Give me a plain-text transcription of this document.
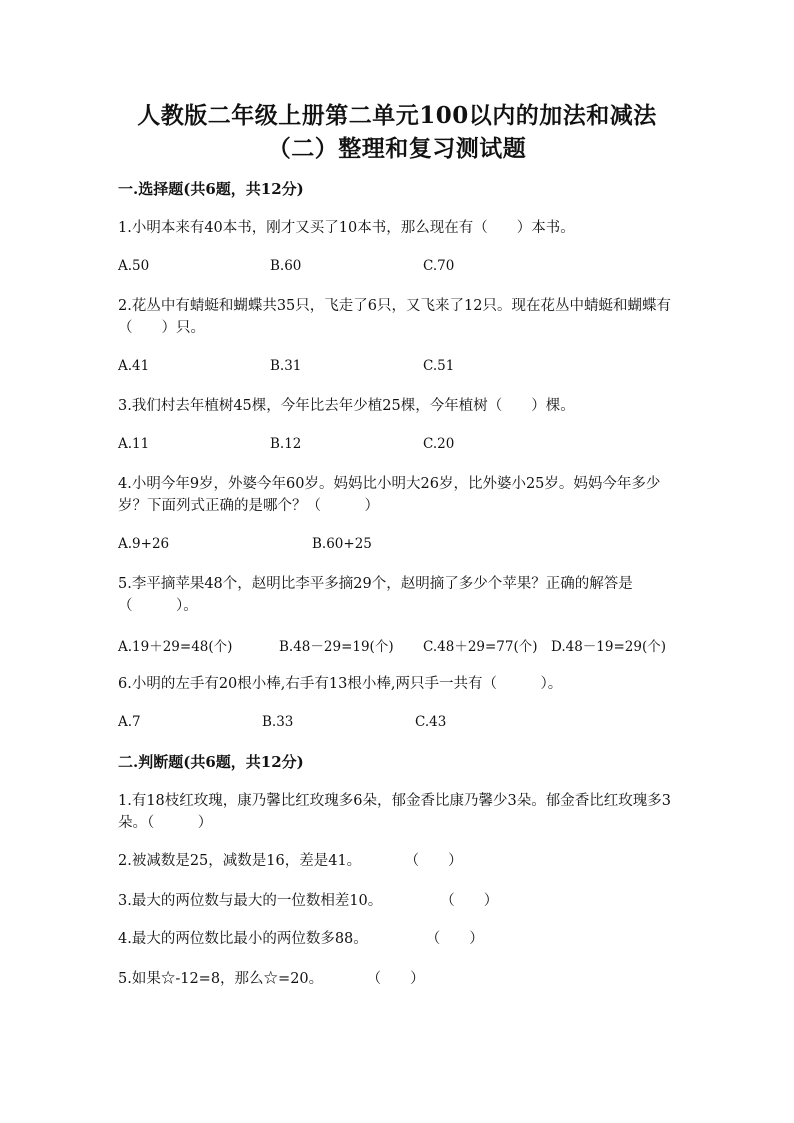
人教版二年级上册第二单元100以内的加法和减法
（二）整理和复习测试题
一.选择题(共6题，共12分)
1.小明本来有40本书，刚才又买了10本书，那么现在有（　　）本书。
A.50	B.60	C.70
2.花丛中有蜻蜓和蝴蝶共35只，飞走了6只，又飞来了12只。现在花丛中蜻蜓和蝴蝶有（　　）只。
A.41	B.31	C.51
3.我们村去年植树45棵，今年比去年少植25棵，今年植树（　　）棵。
A.11	B.12	C.20
4.小明今年9岁，外婆今年60岁。妈妈比小明大26岁，比外婆小25岁。妈妈今年多少岁？下面列式正确的是哪个？（　　　）
A.9+26	B.60+25
5.李平摘苹果48个，赵明比李平多摘29个，赵明摘了多少个苹果？正确的解答是　（　　　）。
A.19＋29=48(个)	B.48－29=19(个) C.48＋29=77(个) D.48－19=29(个)
6.小明的左手有20根小棒,右手有13根小棒,两只手一共有（　　　）。
A.7	B.33	C.43
二.判断题(共6题，共12分)
1.有18枝红玫瑰，康乃馨比红玫瑰多6朵，郁金香比康乃馨少3朵。郁金香比红玫瑰多3朵。（　　　）
2.被减数是25，减数是16，差是41。　　　　（　　）
3.最大的两位数与最大的一位数相差10。　　　　　（　　）
4.最大的两位数比最小的两位数多88。　　　　　（　　）
5.如果☆-12=8，那么☆=20。　　　　（　　）
